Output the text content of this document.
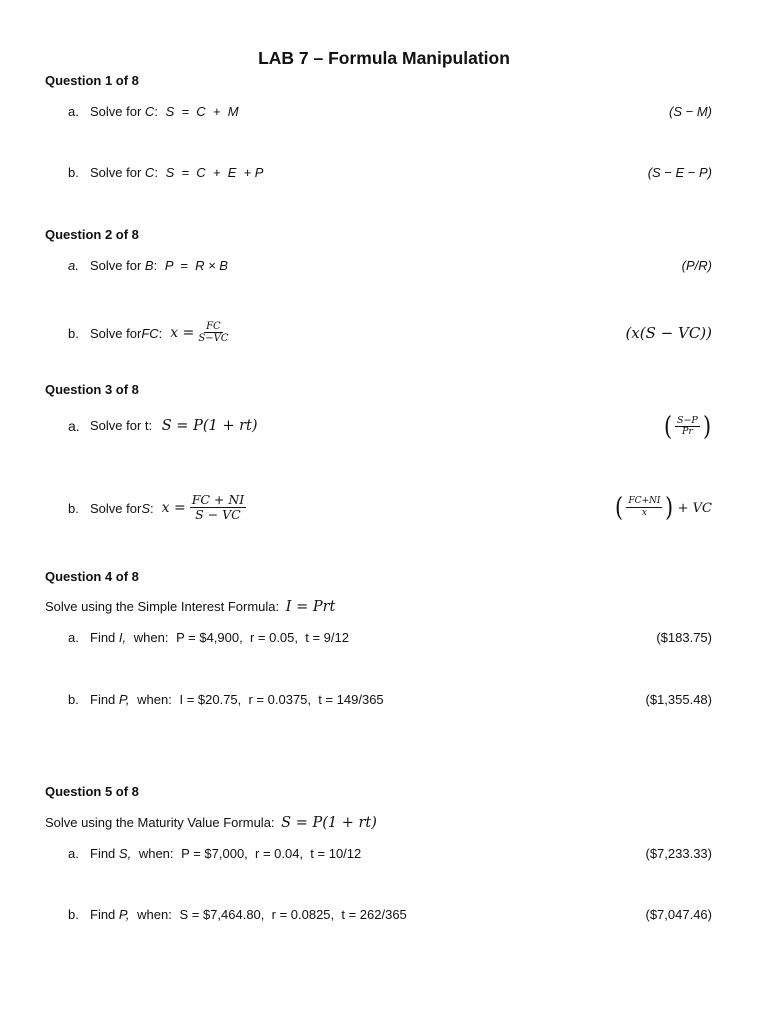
LAB 7 – Formula Manipulation
Question 1 of 8
a. Solve for C: S  =  C  +  M	(S − M)
b. Solve for C: S  =  C  +  E  + P	(S − E − P)
Question 2 of 8
a. Solve for B: P  =  R × B	(P/R)
b. Solve for FC : $x = \frac{FC}{S-VC}$	(x(S − VC))
Question 3 of 8
a. Solve for t: S = P(1 + rt)	( $\frac{S-P}{Pr}$ )
b. Solve for S : $x = \frac{FC + NI}{S - VC}$	( $\frac{FC+NI}{x}$ ) + VC
Question 4 of 8
Solve using the Simple Interest Formula: I = Prt
a. Find I, when: P = $4,900,  r = 0.05,  t = 9/12	($183.75)
b. Find P, when: I = $20.75,  r = 0.0375,  t = 149/365	($1,355.48)
Question 5 of 8
Solve using the Maturity Value Formula: S = P(1 + rt)
a. Find S, when: P = $7,000,  r = 0.04,  t = 10/12	($7,233.33)
b. Find P, when: S = $7,464.80,  r = 0.0825,  t = 262/365	($7,047.46)
